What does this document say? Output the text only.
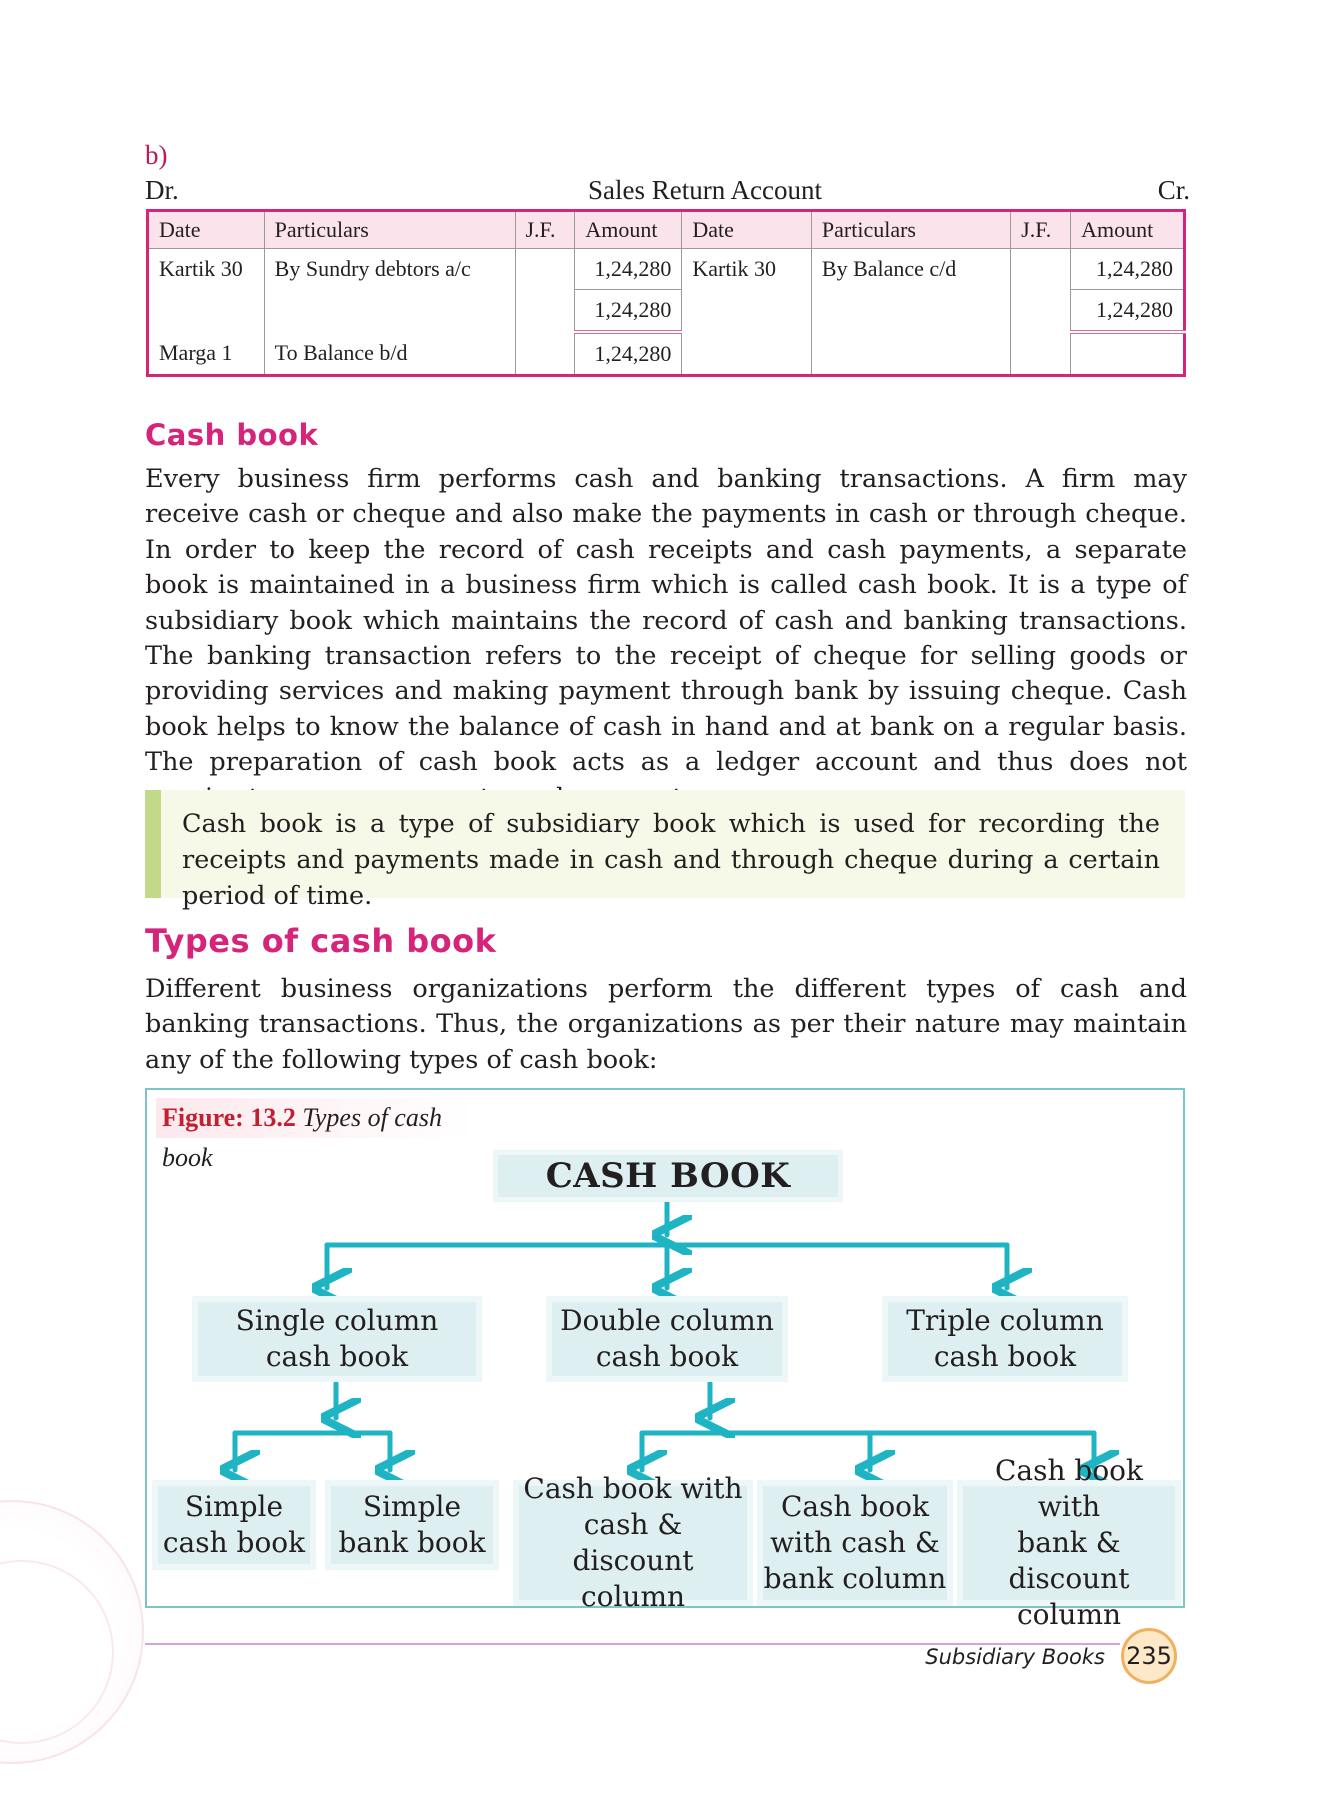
b)
Dr.	Sales Return Account	Cr.
Date	Particulars	J.F.	Amount	Date	Particulars	J.F.	Amount
Kartik 30	By Sundry debtors a/c		1,24,280	Kartik 30	By Balance c/d		1,24,280
			1,24,280				1,24,280
Marga 1	To Balance b/d		1,24,280				
Cash book

Every business firm performs cash and banking transactions. A firm may receive cash or cheque and also make the payments in cash or through cheque. In order to keep the record of cash receipts and cash payments, a separate book is maintained in a business firm which is called cash book. It is a type of subsidiary book which maintains the record of cash and banking transactions. The banking transaction refers to the receipt of cheque for selling goods or providing services and making payment through bank by issuing cheque. Cash book helps to know the balance of cash in hand and at bank on a regular basis. The preparation of cash book acts as a ledger account and thus does not

Cash book is a type of subsidiary book which is used for recording the receipts and payments made in cash and through cheque during a certain period of time.
Types of cash book

Different business organizations perform the different types of cash and banking transactions. Thus, the organizations as per their nature may maintain any of the following types of cash book:

Figure: 13.2 Types of cash book	CASH BOOK
Single column
cash book
Double column
cash book
Triple column
cash book
Simple
cash book
Simple
bank book
Cash book with
cash & discount
column
Cash book
with cash &
bank column
Cash book with
bank & discount
column
Subsidiary Books 235
